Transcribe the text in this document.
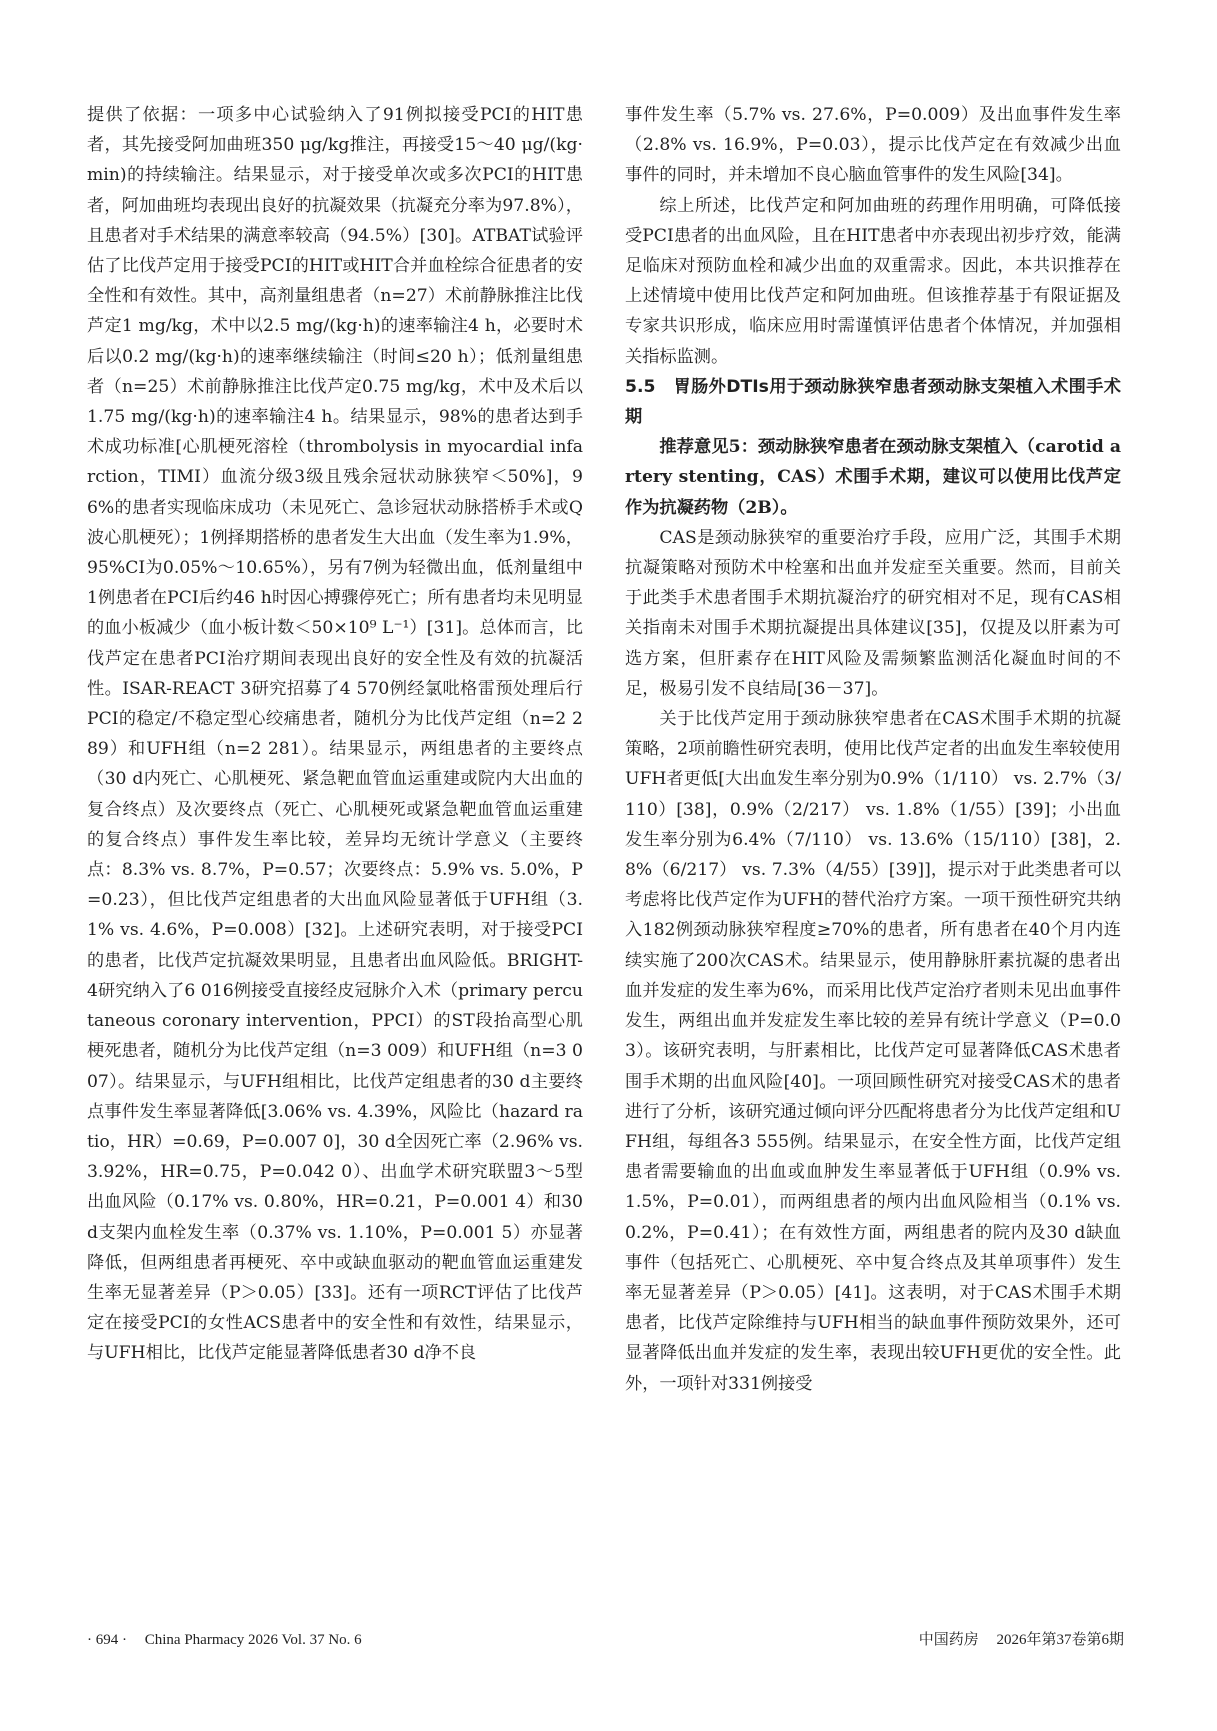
提供了依据：一项多中心试验纳入了91例拟接受PCI的HIT患者，其先接受阿加曲班350 μg/kg推注，再接受15～40 μg/(kg·min)的持续输注。结果显示，对于接受单次或多次PCI的HIT患者，阿加曲班均表现出良好的抗凝效果（抗凝充分率为97.8%），且患者对手术结果的满意率较高（94.5%）[30]。ATBAT试验评估了比伐芦定用于接受PCI的HIT或HIT合并血栓综合征患者的安全性和有效性。其中，高剂量组患者（n=27）术前静脉推注比伐芦定1 mg/kg，术中以2.5 mg/(kg·h)的速率输注4 h，必要时术后以0.2 mg/(kg·h)的速率继续输注（时间≤20 h）；低剂量组患者（n=25）术前静脉推注比伐芦定0.75 mg/kg，术中及术后以1.75 mg/(kg·h)的速率输注4 h。结果显示，98%的患者达到手术成功标准[心肌梗死溶栓（thrombolysis in myocardial infarction，TIMI）血流分级3级且残余冠状动脉狭窄＜50%]，96%的患者实现临床成功（未见死亡、急诊冠状动脉搭桥手术或Q波心肌梗死）；1例择期搭桥的患者发生大出血（发生率为1.9%，95%CI为0.05%～10.65%），另有7例为轻微出血，低剂量组中1例患者在PCI后约46 h时因心搏骤停死亡；所有患者均未见明显的血小板减少（血小板计数＜50×10⁹ L⁻¹）[31]。总体而言，比伐芦定在患者PCI治疗期间表现出良好的安全性及有效的抗凝活性。ISAR-REACT 3研究招募了4 570例经氯吡格雷预处理后行PCI的稳定/不稳定型心绞痛患者，随机分为比伐芦定组（n=2 289）和UFH组（n=2 281）。结果显示，两组患者的主要终点（30 d内死亡、心肌梗死、紧急靶血管血运重建或院内大出血的复合终点）及次要终点（死亡、心肌梗死或紧急靶血管血运重建的复合终点）事件发生率比较，差异均无统计学意义（主要终点：8.3% vs. 8.7%，P=0.57；次要终点：5.9% vs. 5.0%，P=0.23），但比伐芦定组患者的大出血风险显著低于UFH组（3.1% vs. 4.6%，P=0.008）[32]。上述研究表明，对于接受PCI的患者，比伐芦定抗凝效果明显，且患者出血风险低。BRIGHT-4研究纳入了6 016例接受直接经皮冠脉介入术（primary percutaneous coronary intervention，PPCI）的ST段抬高型心肌梗死患者，随机分为比伐芦定组（n=3 009）和UFH组（n=3 007）。结果显示，与UFH组相比，比伐芦定组患者的30 d主要终点事件发生率显著降低[3.06% vs. 4.39%，风险比（hazard ratio，HR）=0.69，P=0.007 0]，30 d全因死亡率（2.96% vs. 3.92%，HR=0.75，P=0.042 0）、出血学术研究联盟3～5型出血风险（0.17% vs. 0.80%，HR=0.21，P=0.001 4）和30 d支架内血栓发生率（0.37% vs. 1.10%，P=0.001 5）亦显著降低，但两组患者再梗死、卒中或缺血驱动的靶血管血运重建发生率无显著差异（P＞0.05）[33]。还有一项RCT评估了比伐芦定在接受PCI的女性ACS患者中的安全性和有效性，结果显示，与UFH相比，比伐芦定能显著降低患者30 d净不良

事件发生率（5.7% vs. 27.6%，P=0.009）及出血事件发生率（2.8% vs. 16.9%，P=0.03），提示比伐芦定在有效减少出血事件的同时，并未增加不良心脑血管事件的发生风险[34]。

综上所述，比伐芦定和阿加曲班的药理作用明确，可降低接受PCI患者的出血风险，且在HIT患者中亦表现出初步疗效，能满足临床对预防血栓和减少出血的双重需求。因此，本共识推荐在上述情境中使用比伐芦定和阿加曲班。但该推荐基于有限证据及专家共识形成，临床应用时需谨慎评估患者个体情况，并加强相关指标监测。

5.5　胃肠外DTIs用于颈动脉狭窄患者颈动脉支架植入术围手术期

推荐意见5：颈动脉狭窄患者在颈动脉支架植入（carotid artery stenting，CAS）术围手术期，建议可以使用比伐芦定作为抗凝药物（2B）。

CAS是颈动脉狭窄的重要治疗手段，应用广泛，其围手术期抗凝策略对预防术中栓塞和出血并发症至关重要。然而，目前关于此类手术患者围手术期抗凝治疗的研究相对不足，现有CAS相关指南未对围手术期抗凝提出具体建议[35]，仅提及以肝素为可选方案，但肝素存在HIT风险及需频繁监测活化凝血时间的不足，极易引发不良结局[36－37]。

关于比伐芦定用于颈动脉狭窄患者在CAS术围手术期的抗凝策略，2项前瞻性研究表明，使用比伐芦定者的出血发生率较使用UFH者更低[大出血发生率分别为0.9%（1/110） vs. 2.7%（3/110）[38]，0.9%（2/217） vs. 1.8%（1/55）[39]；小出血发生率分别为6.4%（7/110） vs. 13.6%（15/110）[38]，2.8%（6/217） vs. 7.3%（4/55）[39]]，提示对于此类患者可以考虑将比伐芦定作为UFH的替代治疗方案。一项干预性研究共纳入182例颈动脉狭窄程度≥70%的患者，所有患者在40个月内连续实施了200次CAS术。结果显示，使用静脉肝素抗凝的患者出血并发症的发生率为6%，而采用比伐芦定治疗者则未见出血事件发生，两组出血并发症发生率比较的差异有统计学意义（P=0.03）。该研究表明，与肝素相比，比伐芦定可显著降低CAS术患者围手术期的出血风险[40]。一项回顾性研究对接受CAS术的患者进行了分析，该研究通过倾向评分匹配将患者分为比伐芦定组和UFH组，每组各3 555例。结果显示，在安全性方面，比伐芦定组患者需要输血的出血或血肿发生率显著低于UFH组（0.9% vs. 1.5%，P=0.01），而两组患者的颅内出血风险相当（0.1% vs. 0.2%，P=0.41）；在有效性方面，两组患者的院内及30 d缺血事件（包括死亡、心肌梗死、卒中复合终点及其单项事件）发生率无显著差异（P＞0.05）[41]。这表明，对于CAS术围手术期患者，比伐芦定除维持与UFH相当的缺血事件预防效果外，还可显著降低出血并发症的发生率，表现出较UFH更优的安全性。此外，一项针对331例接受

· 694 · China Pharmacy 2026 Vol. 37 No. 6	中国药房 2026年第37卷第6期
